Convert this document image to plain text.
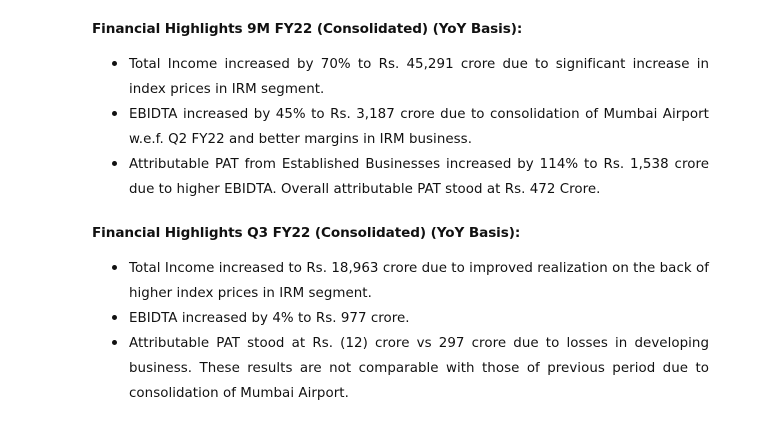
Financial Highlights 9M FY22 (Consolidated) (YoY Basis):
Total Income increased by 70% to Rs. 45,291 crore due to significant increase in index prices in IRM segment.
EBIDTA increased by 45% to Rs. 3,187 crore due to consolidation of Mumbai Airport w.e.f. Q2 FY22 and better margins in IRM business.
Attributable PAT from Established Businesses increased by 114% to Rs. 1,538 crore due to higher EBIDTA. Overall attributable PAT stood at Rs. 472 Crore.
Financial Highlights Q3 FY22 (Consolidated) (YoY Basis):
Total Income increased to Rs. 18,963 crore due to improved realization on the back of higher index prices in IRM segment.
EBIDTA increased by 4% to Rs. 977 crore.
Attributable PAT stood at Rs. (12) crore vs 297 crore due to losses in developing business. These results are not comparable with those of previous period due to consolidation of Mumbai Airport.
